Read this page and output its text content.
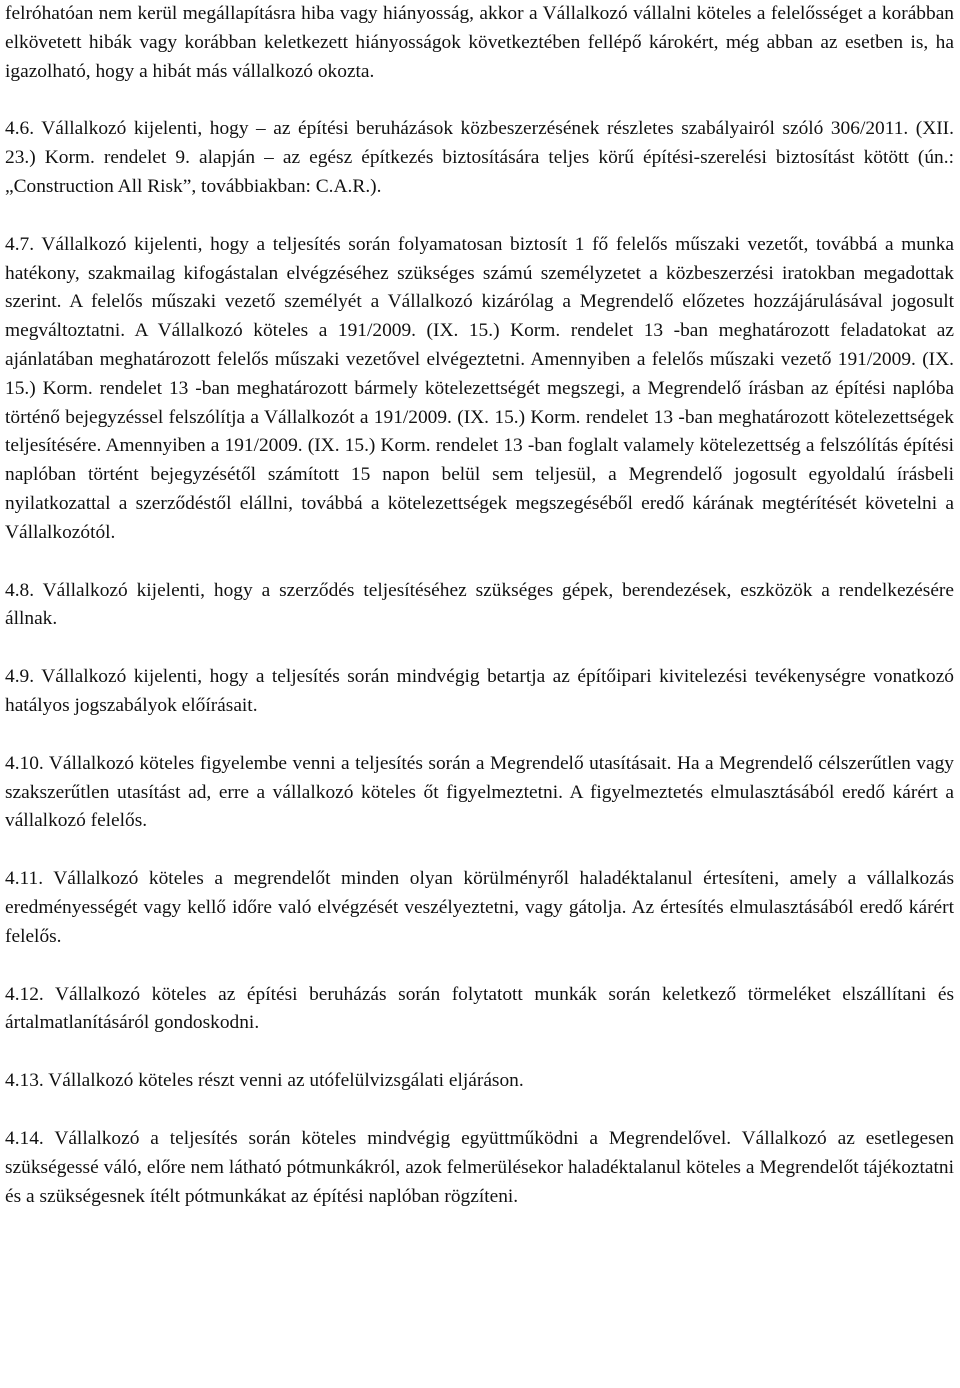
felróhatóan nem kerül megállapításra hiba vagy hiányosság, akkor a Vállalkozó vállalni köteles a felelősséget a korábban elkövetett hibák vagy korábban keletkezett hiányosságok következtében fellépő károkért, még abban az esetben is, ha igazolható, hogy a hibát más vállalkozó okozta.

4.6. Vállalkozó kijelenti, hogy – az építési beruházások közbeszerzésének részletes szabályairól szóló 306/2011. (XII. 23.) Korm. rendelet 9. alapján – az egész építkezés biztosítására teljes körű építési-szerelési biztosítást kötött (ún.: „Construction All Risk”, továbbiakban: C.A.R.).

4.7. Vállalkozó kijelenti, hogy a teljesítés során folyamatosan biztosít 1 fő felelős műszaki vezetőt, továbbá a munka hatékony, szakmailag kifogástalan elvégzéséhez szükséges számú személyzetet a közbeszerzési iratokban megadottak szerint. A felelős műszaki vezető személyét a Vállalkozó kizárólag a Megrendelő előzetes hozzájárulásával jogosult megváltoztatni. A Vállalkozó köteles a 191/2009. (IX. 15.) Korm. rendelet 13 -ban meghatározott feladatokat az ajánlatában meghatározott felelős műszaki vezetővel elvégeztetni. Amennyiben a felelős műszaki vezető 191/2009. (IX. 15.) Korm. rendelet 13 -ban meghatározott bármely kötelezettségét megszegi, a Megrendelő írásban az építési naplóba történő bejegyzéssel felszólítja a Vállalkozót a 191/2009. (IX. 15.) Korm. rendelet 13 -ban meghatározott kötelezettségek teljesítésére. Amennyiben a 191/2009. (IX. 15.) Korm. rendelet 13 -ban foglalt valamely kötelezettség a felszólítás építési naplóban történt bejegyzésétől számított 15 napon belül sem teljesül, a Megrendelő jogosult egyoldalú írásbeli nyilatkozattal a szerződéstől elállni, továbbá a kötelezettségek megszegéséből eredő kárának megtérítését követelni a Vállalkozótól.

4.8. Vállalkozó kijelenti, hogy a szerződés teljesítéséhez szükséges gépek, berendezések, eszközök a rendelkezésére állnak.

4.9. Vállalkozó kijelenti, hogy a teljesítés során mindvégig betartja az építőipari kivitelezési tevékenységre vonatkozó hatályos jogszabályok előírásait.

4.10. Vállalkozó köteles figyelembe venni a teljesítés során a Megrendelő utasításait. Ha a Megrendelő célszerűtlen vagy szakszerűtlen utasítást ad, erre a vállalkozó köteles őt figyelmeztetni. A figyelmeztetés elmulasztásából eredő kárért a vállalkozó felelős.

4.11. Vállalkozó köteles a megrendelőt minden olyan körülményről haladéktalanul értesíteni, amely a vállalkozás eredményességét vagy kellő időre való elvégzését veszélyeztetni, vagy gátolja. Az értesítés elmulasztásából eredő kárért felelős.

4.12. Vállalkozó köteles az építési beruházás során folytatott munkák során keletkező törmeléket elszállítani és ártalmatlanításáról gondoskodni.

4.13. Vállalkozó köteles részt venni az utófelülvizsgálati eljáráson.

4.14. Vállalkozó a teljesítés során köteles mindvégig együttműködni a Megrendelővel. Vállalkozó az esetlegesen szükségessé váló, előre nem látható pótmunkákról, azok felmerülésekor haladéktalanul köteles a Megrendelőt tájékoztatni és a szükségesnek ítélt pótmunkákat az építési naplóban rögzíteni.
